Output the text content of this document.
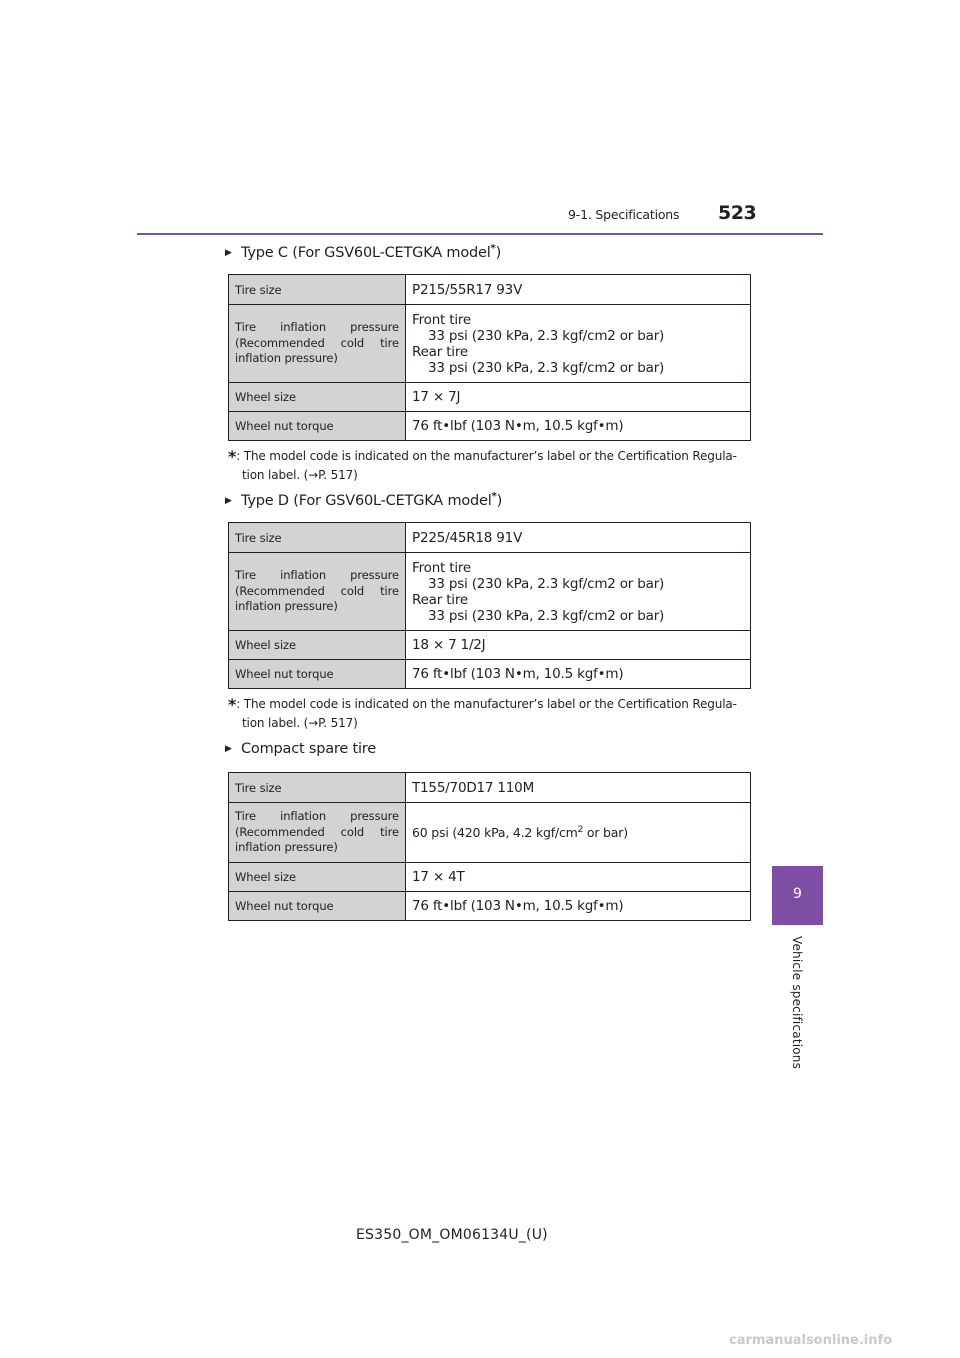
9-1. Specifications 523
9
Vehicle specifications
▶ Type C (For GSV60L-CETGKA model*)
Tire size	P215/55R17 93V
Tire inflation pressure (Recommended cold tire inflation pressure)	Front tire
33 psi (230 kPa, 2.3 kgf/cm2 or bar)
Rear tire
33 psi (230 kPa, 2.3 kgf/cm2 or bar)

Wheel size	17 × 7J
Wheel nut torque	76 ft•lbf (103 N•m, 10.5 kgf•m)
*: The model code is indicated on the manufacturer’s label or the Certification Regula-
tion label. (→P. 517)
▶ Type D (For GSV60L-CETGKA model*)
Tire size	P225/45R18 91V
Tire inflation pressure (Recommended cold tire inflation pressure)	Front tire
33 psi (230 kPa, 2.3 kgf/cm2 or bar)
Rear tire
33 psi (230 kPa, 2.3 kgf/cm2 or bar)

Wheel size	18 × 7 1/2J
Wheel nut torque	76 ft•lbf (103 N•m, 10.5 kgf•m)
*: The model code is indicated on the manufacturer’s label or the Certification Regula-
tion label. (→P. 517)
▶ Compact spare tire
Tire size	T155/70D17 110M
Tire inflation pressure (Recommended cold tire inflation pressure)	60 psi (420 kPa, 4.2 kgf/$cm^2$ or bar)
Wheel size	17 × 4T
Wheel nut torque	76 ft•lbf (103 N•m, 10.5 kgf•m)
ES350_OM_OM06134U_(U)
carmanualsonline.info
